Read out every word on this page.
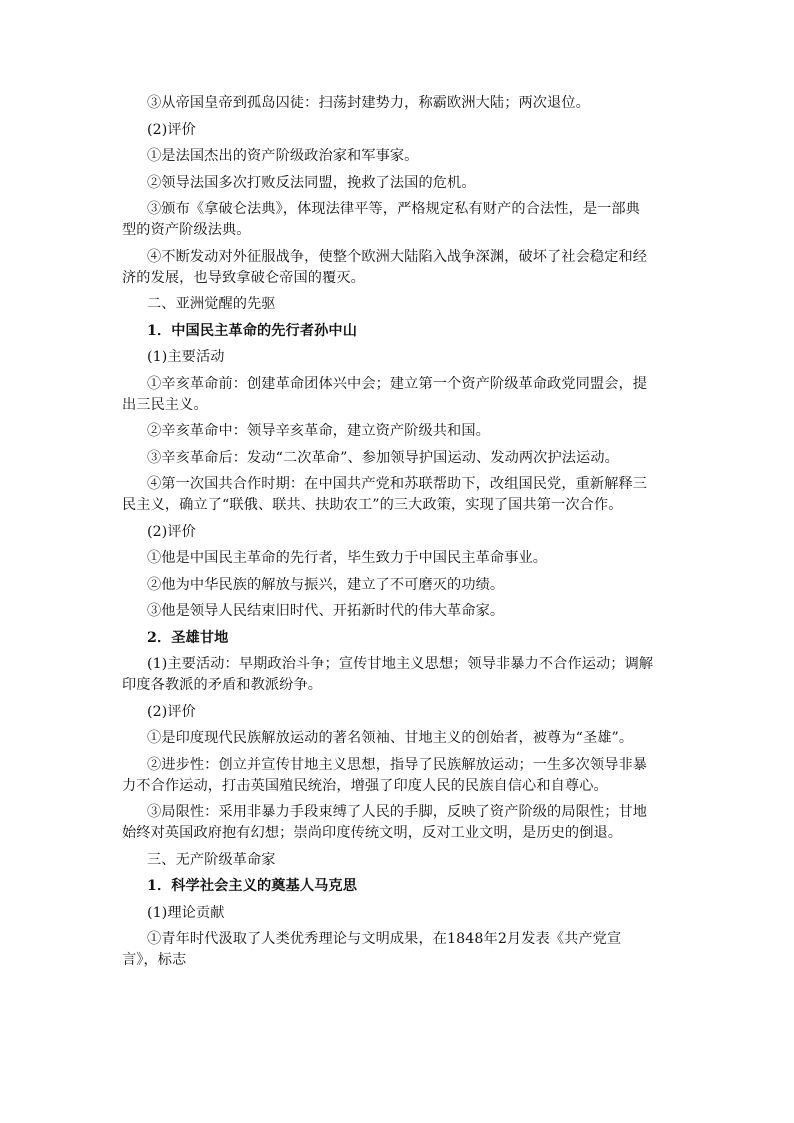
③从帝国皇帝到孤岛囚徒：扫荡封建势力，称霸欧洲大陆；两次退位。

(2)评价

①是法国杰出的资产阶级政治家和军事家。

②领导法国多次打败反法同盟，挽救了法国的危机。

③颁布《拿破仑法典》，体现法律平等，严格规定私有财产的合法性，是一部典型的资产阶级法典。

④不断发动对外征服战争，使整个欧洲大陆陷入战争深渊，破坏了社会稳定和经济的发展，也导致拿破仑帝国的覆灭。

二、亚洲觉醒的先驱

1．中国民主革命的先行者孙中山

(1)主要活动

①辛亥革命前：创建革命团体兴中会；建立第一个资产阶级革命政党同盟会，提出三民主义。

②辛亥革命中：领导辛亥革命，建立资产阶级共和国。

③辛亥革命后：发动“二次革命”、参加领导护国运动、发动两次护法运动。

④第一次国共合作时期：在中国共产党和苏联帮助下，改组国民党，重新解释三民主义，确立了“联俄、联共、扶助农工”的三大政策，实现了国共第一次合作。

(2)评价

①他是中国民主革命的先行者，毕生致力于中国民主革命事业。

②他为中华民族的解放与振兴，建立了不可磨灭的功绩。

③他是领导人民结束旧时代、开拓新时代的伟大革命家。

2．圣雄甘地

(1)主要活动：早期政治斗争；宣传甘地主义思想；领导非暴力不合作运动；调解印度各教派的矛盾和教派纷争。

(2)评价

①是印度现代民族解放运动的著名领袖、甘地主义的创始者，被尊为“圣雄”。

②进步性：创立并宣传甘地主义思想，指导了民族解放运动；一生多次领导非暴力不合作运动，打击英国殖民统治，增强了印度人民的民族自信心和自尊心。

③局限性：采用非暴力手段束缚了人民的手脚，反映了资产阶级的局限性；甘地始终对英国政府抱有幻想；崇尚印度传统文明，反对工业文明，是历史的倒退。

三、无产阶级革命家

1．科学社会主义的奠基人马克思

(1)理论贡献

①青年时代汲取了人类优秀理论与文明成果，在1848年2月发表《共产党宣言》，标志
